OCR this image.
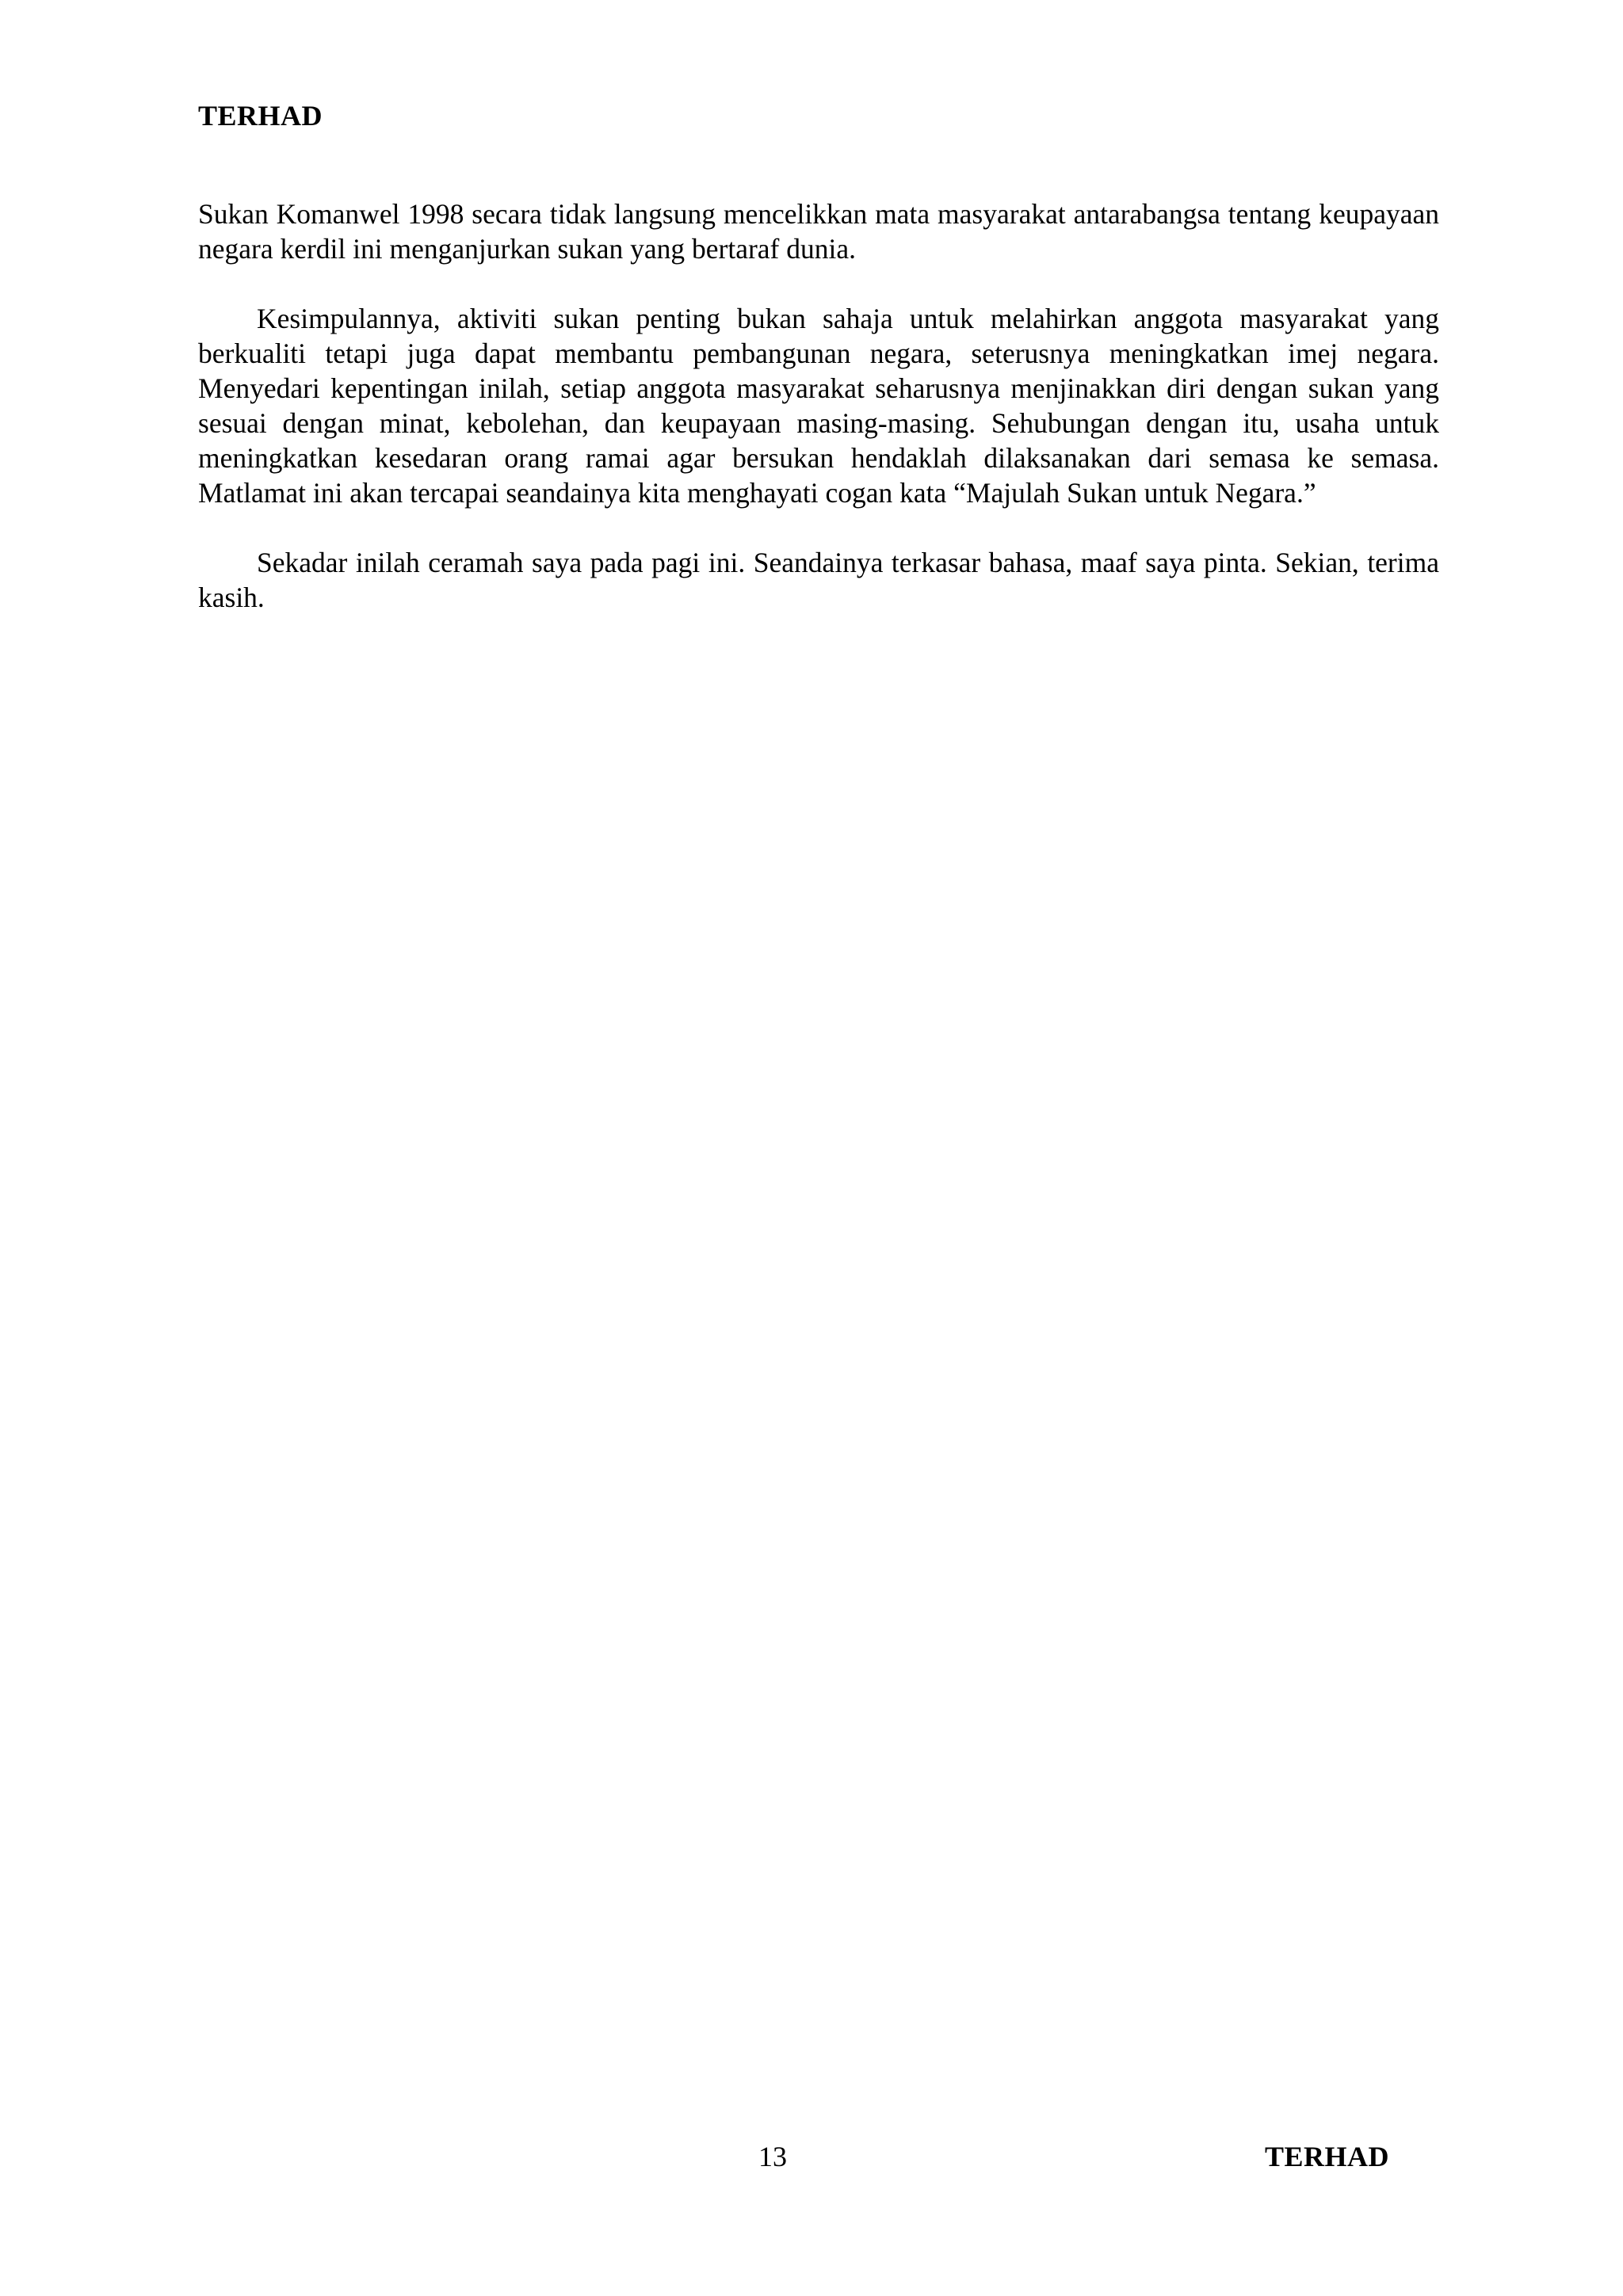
TERHAD

Sukan Komanwel 1998 secara tidak langsung mencelikkan mata masyarakat antarabangsa tentang keupayaan negara kerdil ini menganjurkan sukan yang bertaraf dunia.

Kesimpulannya, aktiviti sukan penting bukan sahaja untuk melahirkan anggota masyarakat yang berkualiti tetapi juga dapat membantu pembangunan negara, seterusnya meningkatkan imej negara. Menyedari kepentingan inilah, setiap anggota masyarakat seharusnya menjinakkan diri dengan sukan yang sesuai dengan minat, kebolehan, dan keupayaan masing-masing. Sehubungan dengan itu, usaha untuk meningkatkan kesedaran orang ramai agar bersukan hendaklah dilaksanakan dari semasa ke semasa. Matlamat ini akan tercapai seandainya kita menghayati cogan kata “Majulah Sukan untuk Negara.”

Sekadar inilah ceramah saya pada pagi ini. Seandainya terkasar bahasa, maaf saya pinta. Sekian, terima kasih.

13	TERHAD
